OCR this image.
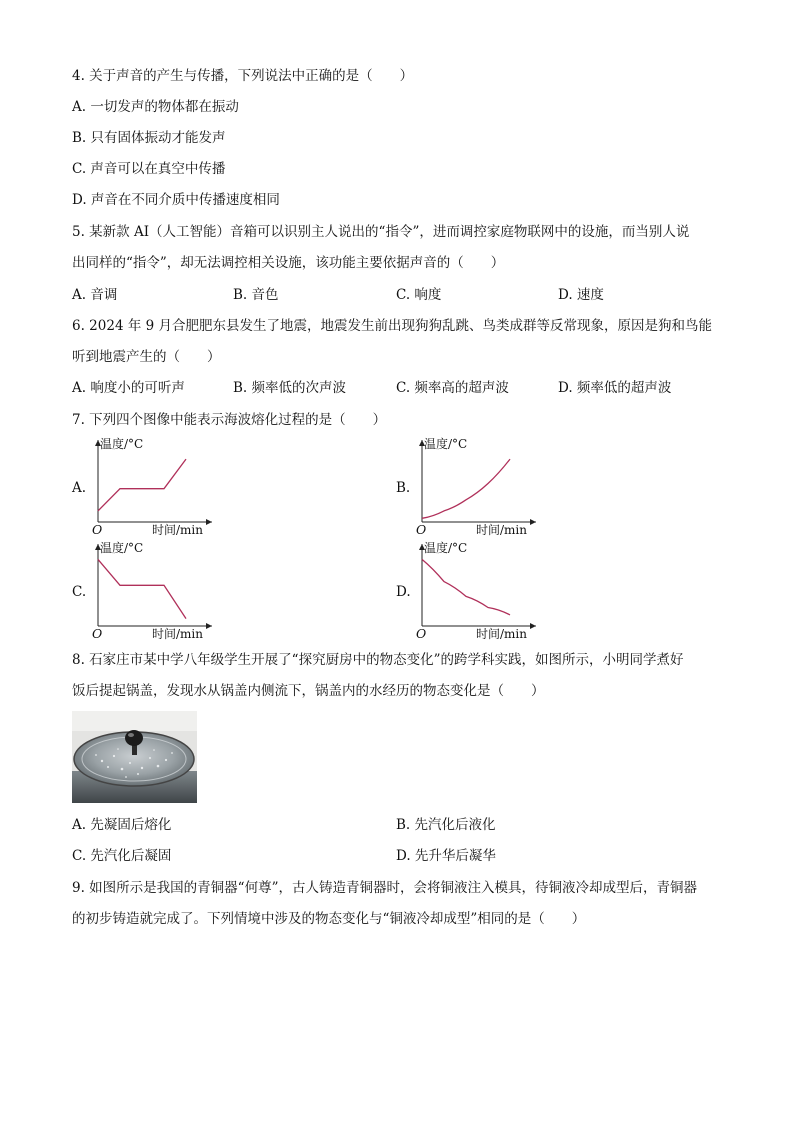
4. 关于声音的产生与传播，下列说法中正确的是（　　）
A. 一切发声的物体都在振动
B. 只有固体振动才能发声
C. 声音可以在真空中传播
D. 声音在不同介质中传播速度相同
5. 某新款 AI（人工智能）音箱可以识别主人说出的“指令”，进而调控家庭物联网中的设施，而当别人说
出同样的“指令”，却无法调控相关设施，该功能主要依据声音的（　　）
A. 音调	B. 音色	C. 响度	D. 速度
6. 2024 年 9 月合肥肥东县发生了地震，地震发生前出现狗狗乱跳、鸟类成群等反常现象，原因是狗和鸟能
听到地震产生的（　　）
A. 响度小的可听声	B. 频率低的次声波	C. 频率高的超声波	D. 频率低的超声波
7. 下列四个图像中能表示海波熔化过程的是（　　）
A.	B.
C.	D.
温度/°C
时间/min
O
温度/°C
时间/min
O
温度/°C
时间/min
O
温度/°C
时间/min
O
8. 石家庄市某中学八年级学生开展了“探究厨房中的物态变化”的跨学科实践，如图所示，小明同学煮好
饭后提起锅盖，发现水从锅盖内侧流下，锅盖内的水经历的物态变化是（　　）
A. 先凝固后熔化	B. 先汽化后液化
C. 先汽化后凝固	D. 先升华后凝华
9. 如图所示是我国的青铜器“何尊”，古人铸造青铜器时，会将铜液注入模具，待铜液冷却成型后，青铜器
的初步铸造就完成了。下列情境中涉及的物态变化与“铜液冷却成型”相同的是（　　）
